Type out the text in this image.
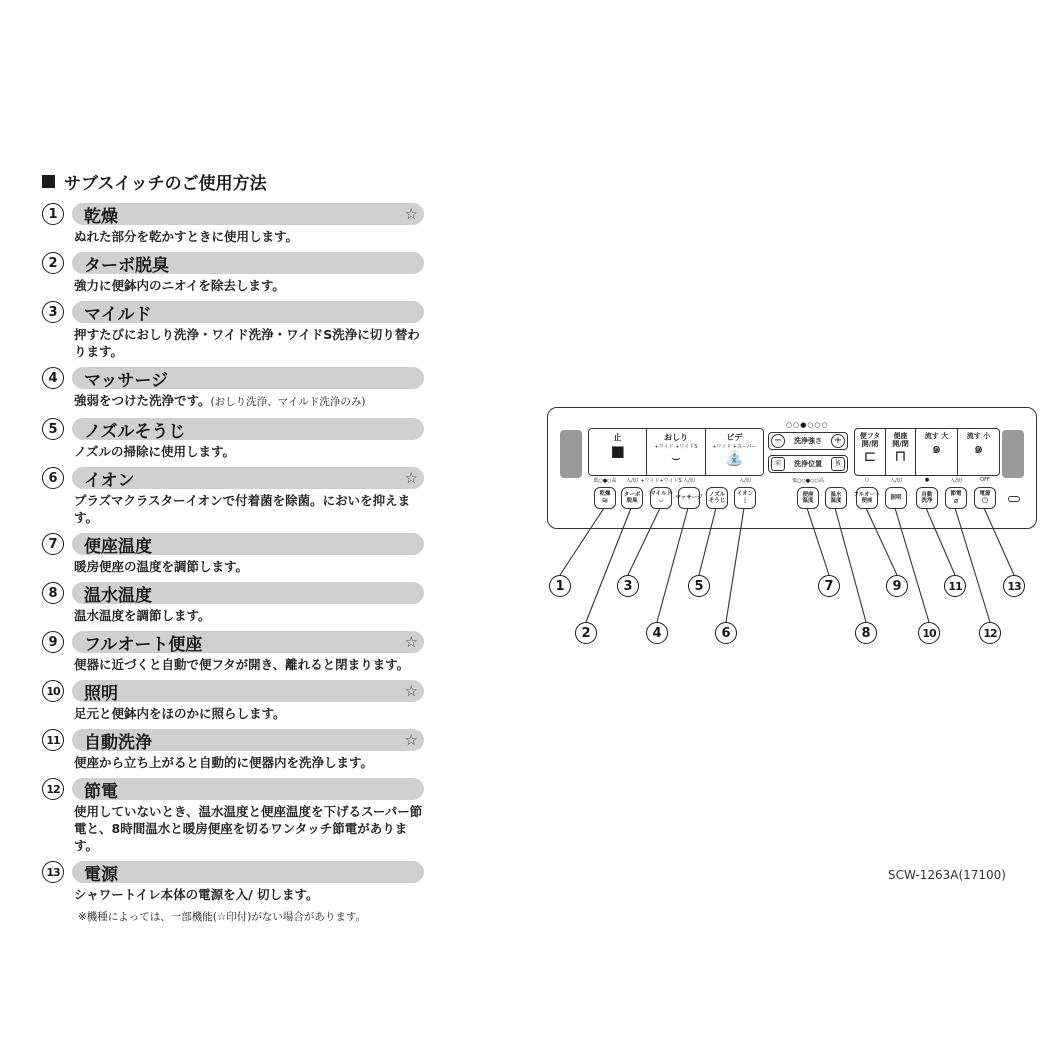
サブスイッチのご使用方法
1	乾燥	☆
ぬれた部分を乾かすときに使用します。
2	ターボ脱臭
強力に便鉢内のニオイを除去します。
3	マイルド
押すたびにおしり洗浄・ワイド洗浄・ワイドS洗浄に切り替わります。
4	マッサージ
強弱をつけた洗浄です。(おしり洗浄、マイルド洗浄のみ)
5	ノズルそうじ
ノズルの掃除に使用します。
6	イオン	☆
プラズマクラスターイオンで付着菌を除菌。においを抑えます。
7	便座温度
暖房便座の温度を調節します。
8	温水温度
温水温度を調節します。
9	フルオート便座	☆
便器に近づくと自動で便フタが開き、離れると閉まります。
10 照明	☆
足元と便鉢内をほのかに照らします。
11 自動洗浄	☆
便座から立ち上がると自動的に便器内を洗浄します。
12 節電
使用していないとき、温水温度と便座温度を下げるスーパー節電と、8時間温水と暖房便座を切るワンタッチ節電があります。
13 電源
シャワートイレ本体の電源を入/ 切します。
※機種によっては、一部機能(☆印付)がない場合があります。
止
■
おしり
+ワイド +ワイドS
⌣
ビデ
+ワイド +スーパー
⛲
○○●○○○
−	洗浄強さ +
前	洗浄位置	後
便フタ
開/閉
⊏
便座
開/閉
⊓
流す 大
๑
流す 小
๑
乾燥
≋
低○●○高
ターボ
脱臭
入/切
マイルド
⌣
+ワイド+ワイドS
マッサージ
入/切
ノズル
そうじ
イオン
⁞
入/切
便座
温度
低○○●○○高
温水
温度
フルオート
便座
○
照明
入/切
自動
洗浄
●
節電
⌀
入/切
電源
⏻
OFF
1
2
3
4
5
6
7
8
9
10
11
12
13
SCW-1263A(17100)
